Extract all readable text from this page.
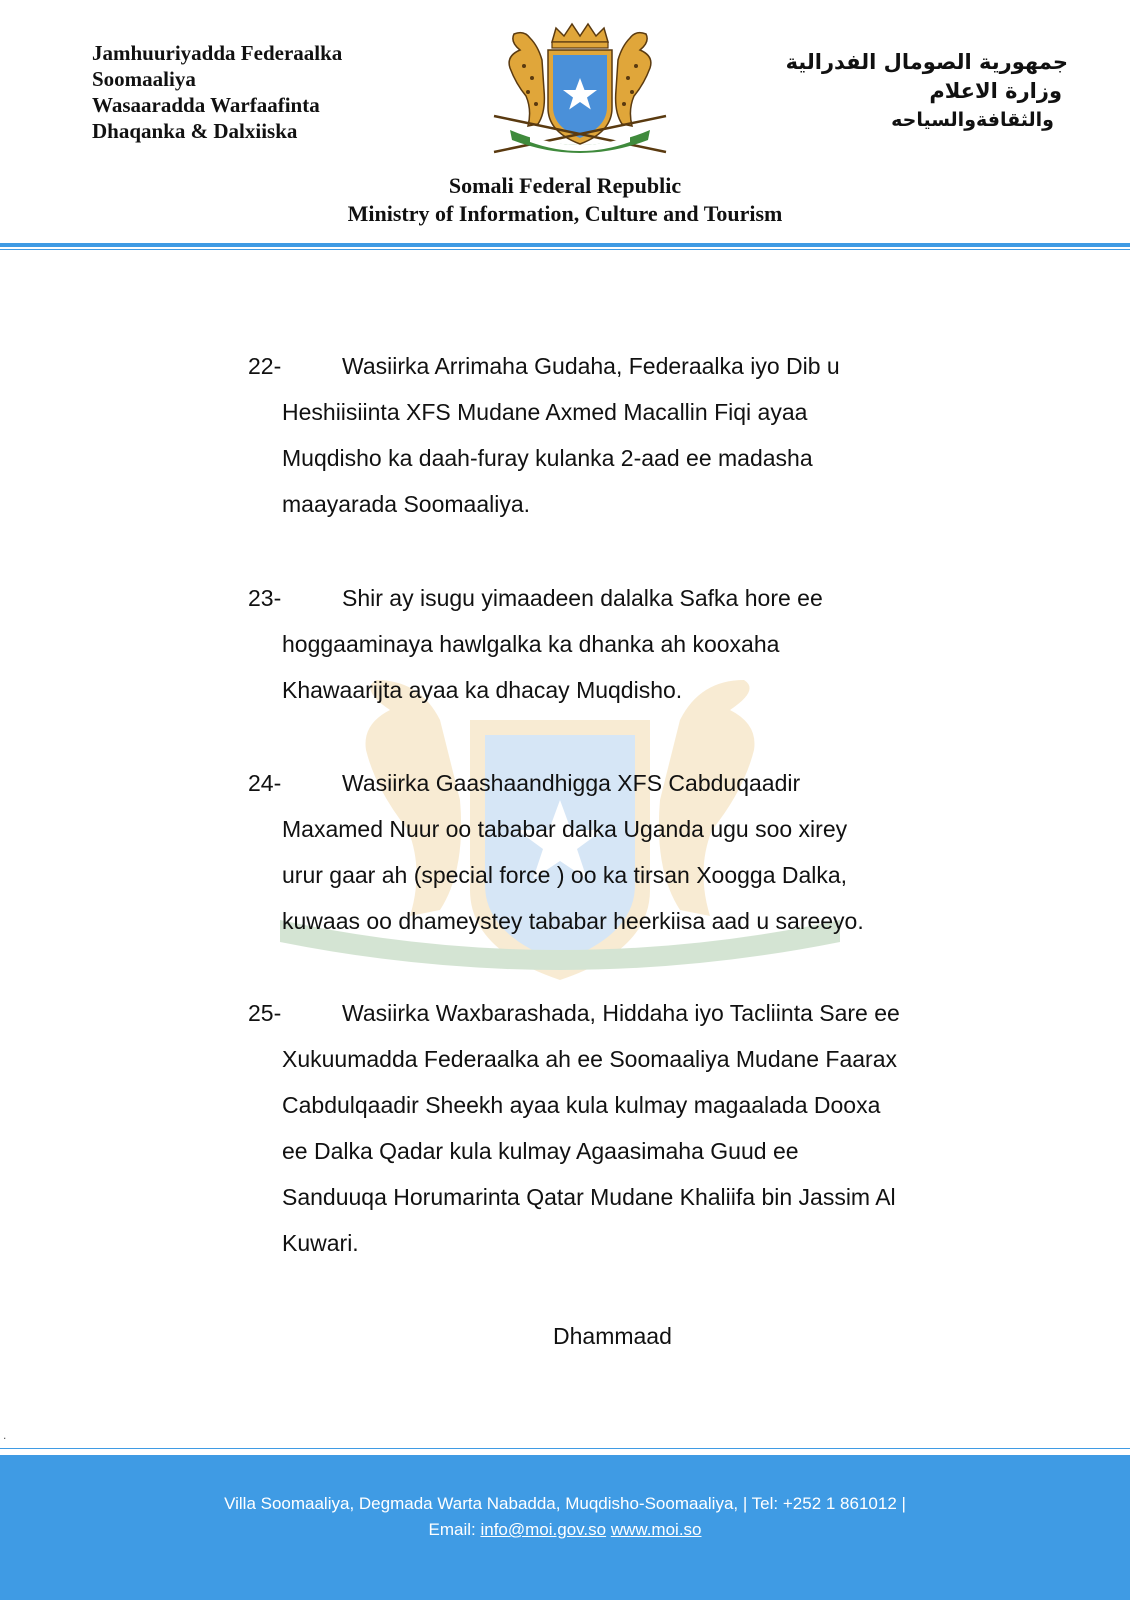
Jamhuuriyadda Federaalka
Soomaaliya
Wasaaradda Warfaafinta
Dhaqanka & Dalxiiska
جمهورية الصومال الفدرالية
وزارة الاعلام
والثقافةوالسياحه
Somali Federal Republic
Ministry of Information, Culture and Tourism
22-	Wasiirka Arrimaha Gudaha, Federaalka iyo Dib u
Heshiisiinta XFS Mudane Axmed Macallin Fiqi ayaa
Muqdisho ka daah-furay kulanka 2-aad ee madasha
maayarada Soomaaliya.
23-	Shir ay isugu yimaadeen dalalka Safka hore ee
hoggaaminaya hawlgalka ka dhanka ah kooxaha
Khawaarijta ayaa ka dhacay Muqdisho.
24-	Wasiirka Gaashaandhigga XFS Cabduqaadir
Maxamed Nuur oo tababar dalka Uganda ugu soo xirey
urur gaar ah (special force ) oo ka tirsan Xoogga Dalka,
kuwaas oo dhameystey tababar heerkiisa aad u sareeyo.
25-	Wasiirka Waxbarashada, Hiddaha iyo Tacliinta Sare ee
Xukuumadda Federaalka ah ee Soomaaliya Mudane Faarax
Cabdulqaadir Sheekh ayaa kula kulmay magaalada Dooxa
ee Dalka Qadar kula kulmay Agaasimaha Guud ee
Sanduuqa Horumarinta Qatar Mudane Khaliifa bin Jassim Al
Kuwari.
Dhammaad
.
Villa Soomaaliya, Degmada Warta Nabadda, Muqdisho-Soomaaliya, | Tel: +252 1 861012 |
Email: info@moi.gov.so www.moi.so
